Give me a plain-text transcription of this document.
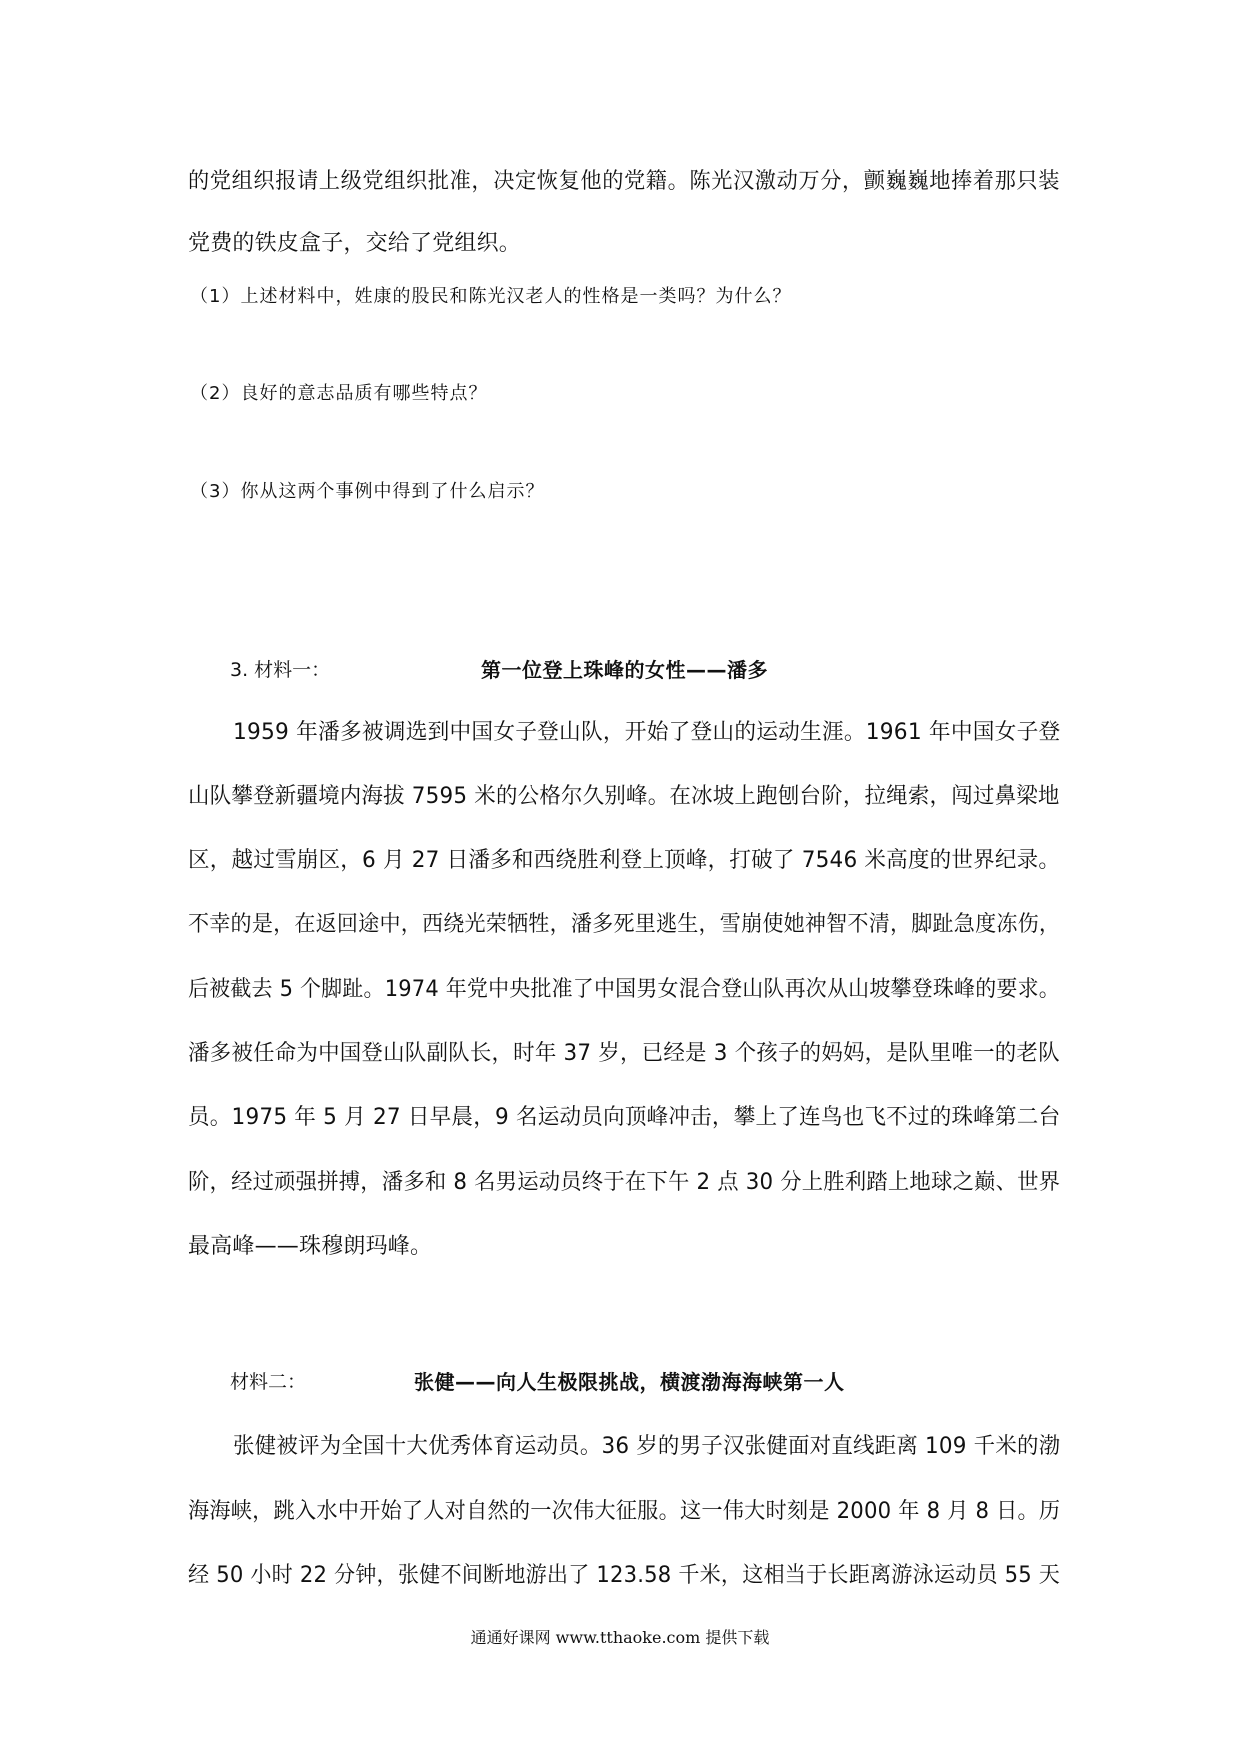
的党组织报请上级党组织批准，决定恢复他的党籍。陈光汉激动万分，颤巍巍地捧着那只装
党费的铁皮盒子，交给了党组织。
（1）上述材料中，姓康的股民和陈光汉老人的性格是一类吗？为什么？
（2）良好的意志品质有哪些特点？
（3）你从这两个事例中得到了什么启示？
3. 材料一：	第一位登上珠峰的女性——潘多
1959 年潘多被调选到中国女子登山队，开始了登山的运动生涯。1961 年中国女子登
山队攀登新疆境内海拔 7595 米的公格尔久别峰。在冰坡上跑刨台阶，拉绳索，闯过鼻梁地
区，越过雪崩区，6 月 27 日潘多和西绕胜利登上顶峰，打破了 7546 米高度的世界纪录。
不幸的是，在返回途中，西绕光荣牺牲，潘多死里逃生，雪崩使她神智不清，脚趾急度冻伤，
后被截去 5 个脚趾。1974 年党中央批准了中国男女混合登山队再次从山坡攀登珠峰的要求。
潘多被任命为中国登山队副队长，时年 37 岁，已经是 3 个孩子的妈妈，是队里唯一的老队
员。1975 年 5 月 27 日早晨，9 名运动员向顶峰冲击，攀上了连鸟也飞不过的珠峰第二台
阶，经过顽强拼搏，潘多和 8 名男运动员终于在下午 2 点 30 分上胜利踏上地球之巅、世界
最高峰——珠穆朗玛峰。
材料二：	张健——向人生极限挑战，横渡渤海海峡第一人
张健被评为全国十大优秀体育运动员。36 岁的男子汉张健面对直线距离 109 千米的渤
海海峡，跳入水中开始了人对自然的一次伟大征服。这一伟大时刻是 2000 年 8 月 8 日。历
经 50 小时 22 分钟，张健不间断地游出了 123.58 千米，这相当于长距离游泳运动员 55 天
通通好课网 www.tthaoke.com 提供下载
